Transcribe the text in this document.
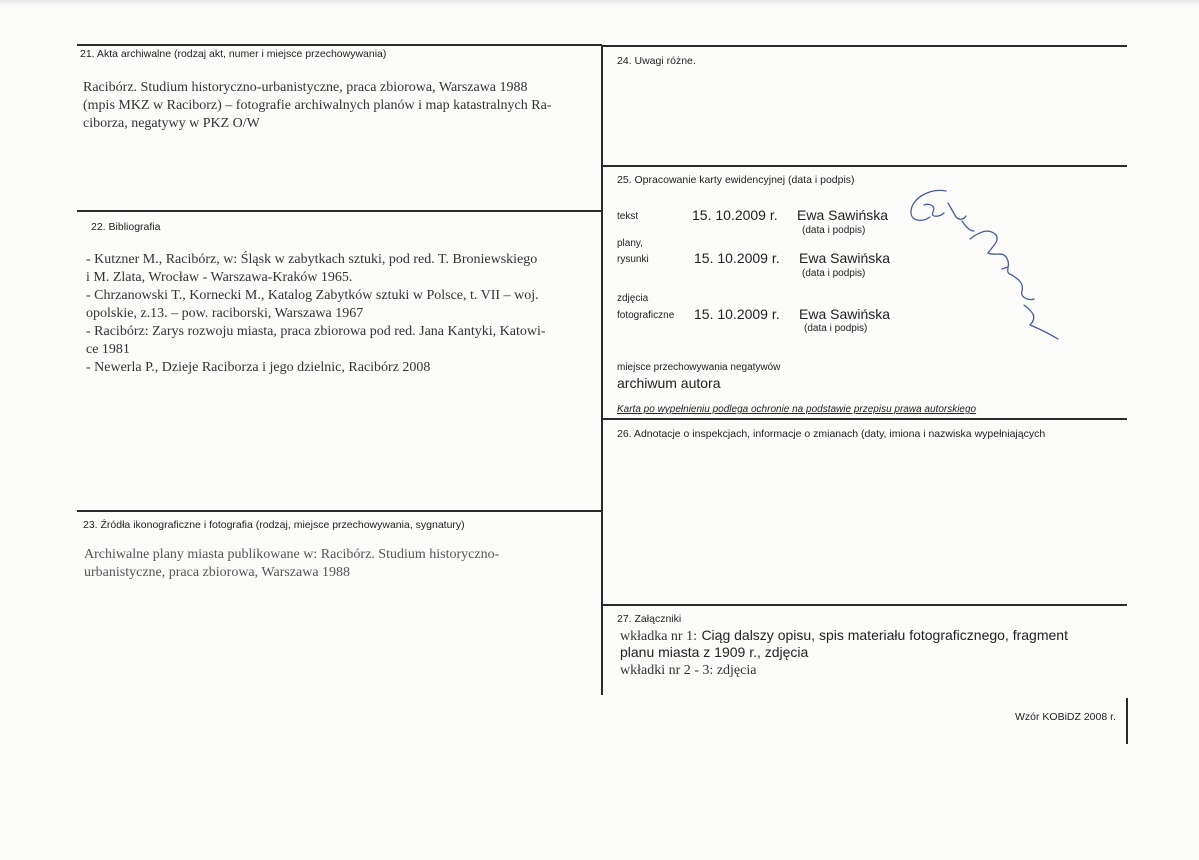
21. Akta archiwalne (rodzaj akt, numer i miejsce przechowywania)
Racibórz. Studium historyczno-urbanistyczne, praca zbiorowa, Warszawa 1988
(mpis MKZ w Raciborz) – fotografie archiwalnych planów i map katastralnych Ra-
ciborza, negatywy w PKZ O/W
22. Bibliografia
- Kutzner M., Racibórz, w: Śląsk w zabytkach sztuki, pod red. T. Broniewskiego
i M. Zlata, Wrocław - Warszawa-Kraków 1965.
- Chrzanowski T., Kornecki M., Katalog Zabytków sztuki w Polsce, t. VII – woj.
opolskie, z.13. – pow. raciborski, Warszawa 1967
- Racibórz: Zarys rozwoju miasta, praca zbiorowa pod red. Jana Kantyki, Katowi-
ce 1981
- Newerla P., Dzieje Raciborza i jego dzielnic, Racibórz 2008
23. Źródła ikonograficzne i fotografia (rodzaj, miejsce przechowywania, sygnatury)
Archiwalne plany miasta publikowane w: Racibórz. Studium historyczno-
urbanistyczne, praca zbiorowa, Warszawa 1988
24. Uwagi różne.
25. Opracowanie karty ewidencyjnej (data i podpis)
tekst	15. 10.2009 r. Ewa Sawińska
(data i podpis)
plany,
rysunki	15. 10.2009 r. Ewa Sawińska
(data i podpis)
zdjęcia
fotograficzne 15. 10.2009 r. Ewa Sawińska
(data i podpis)
miejsce przechowywania negatywów
archiwum autora
Karta po wypełnieniu podlega ochronie na podstawie przepisu prawa autorskiego
26. Adnotacje o inspekcjach, informacje o zmianach (daty, imiona i nazwiska wypełniających
27. Załączniki
wkładka nr 1: Ciąg dalszy opisu, spis materiału fotograficznego, fragment
planu miasta z 1909 r., zdjęcia
wkładki nr 2 - 3: zdjęcia
Wzór KOBiDZ 2008 r.
